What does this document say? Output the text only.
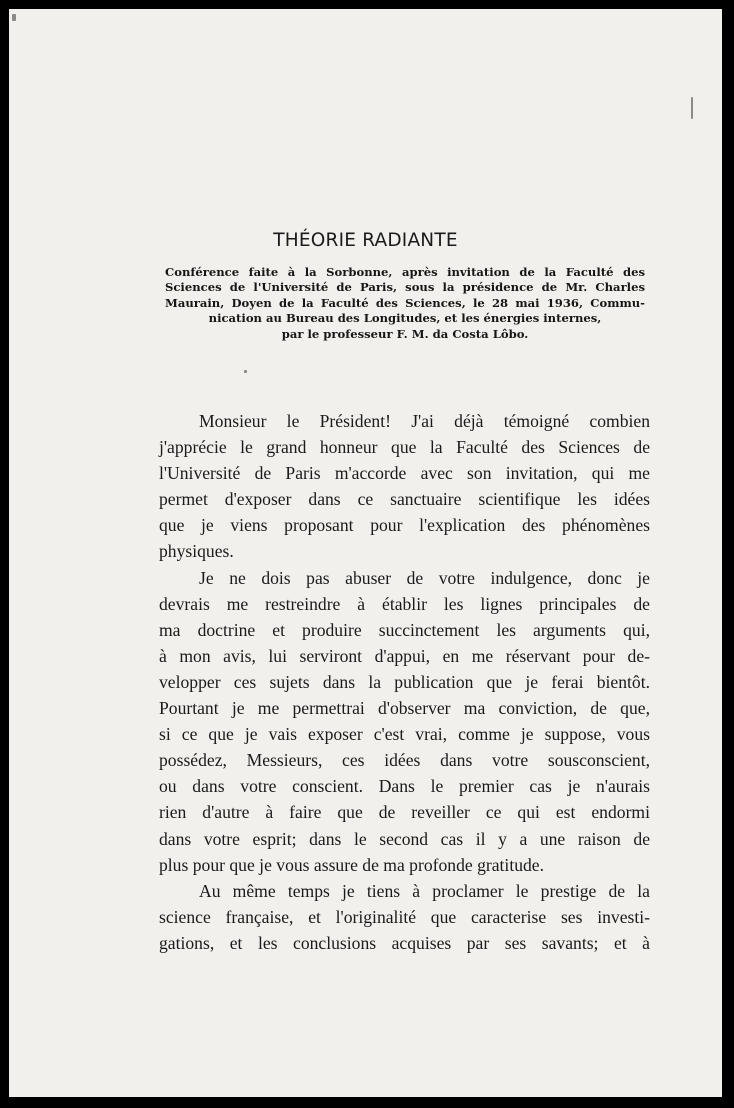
THÉORIE RADIANTE
Conférence faite à la Sorbonne, après invitation de la Faculté des
Sciences de l'Université de Paris, sous la présidence de Mr. Charles
Maurain, Doyen de la Faculté des Sciences, le 28 mai 1936, Commu-
nication au Bureau des Longitudes, et les énergies internes,
par le professeur F. M. da Costa Lôbo.
Monsieur le Président! J'ai déjà témoigné combien
j'apprécie le grand honneur que la Faculté des Sciences de
l'Université de Paris m'accorde avec son invitation, qui me
permet d'exposer dans ce sanctuaire scientifique les idées
que je viens proposant pour l'explication des phénomènes
physiques.
Je ne dois pas abuser de votre indulgence, donc je
devrais me restreindre à établir les lignes principales de
ma doctrine et produire succinctement les arguments qui,
à mon avis, lui serviront d'appui, en me réservant pour de-
velopper ces sujets dans la publication que je ferai bientôt.
Pourtant je me permettrai d'observer ma conviction, de que,
si ce que je vais exposer c'est vrai, comme je suppose, vous
possédez, Messieurs, ces idées dans votre sousconscient,
ou dans votre conscient. Dans le premier cas je n'aurais
rien d'autre à faire que de reveiller ce qui est endormi
dans votre esprit; dans le second cas il y a une raison de
plus pour que je vous assure de ma profonde gratitude.
Au même temps je tiens à proclamer le prestige de la
science française, et l'originalité que caracterise ses investi-
gations, et les conclusions acquises par ses savants; et à
